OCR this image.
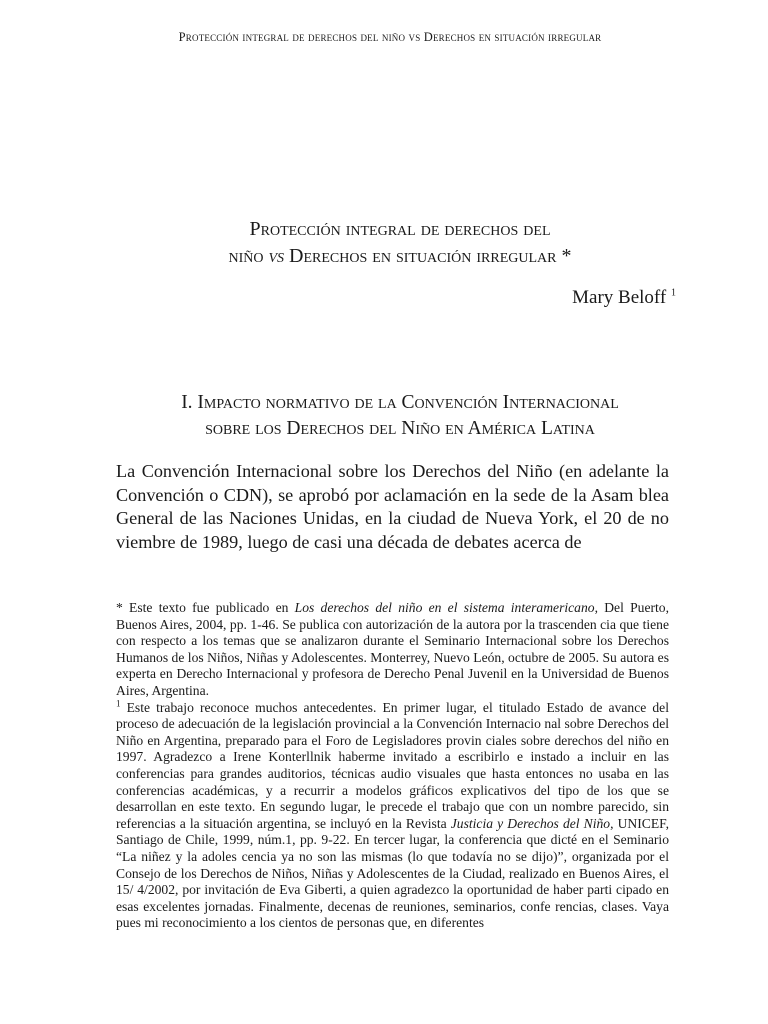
Protección integral de derechos del niño vs Derechos en situación irregular
Protección integral de derechos del
niño vs Derechos en situación irregular *
Mary Beloff $^1$
I. Impacto normativo de la Convención Internacional
sobre los Derechos del Niño en América Latina

La Convención Internacional sobre los Derechos del Niño (en adelante la Convención o CDN), se aprobó por aclamación en la sede de la Asam blea General de las Naciones Unidas, en la ciudad de Nueva York, el 20 de no viembre de 1989, luego de casi una década de debates acerca de

* Este texto fue publicado en Los derechos del niño en el sistema interamericano, Del Puerto, Buenos Aires, 2004, pp. 1-46. Se publica con autorización de la autora por la trascenden cia que tiene con respecto a los temas que se analizaron durante el Seminario Internacional sobre los Derechos Humanos de los Niños, Niñas y Adolescentes. Monterrey, Nuevo León, octubre de 2005. Su autora es experta en Derecho Internacional y profesora de Derecho Penal Juvenil en la Universidad de Buenos Aires, Argentina.

$^1$ Este trabajo reconoce muchos antecedentes. En primer lugar, el titulado Estado de avance del proceso de adecuación de la legislación provincial a la Convención Internacio nal sobre Derechos del Niño en Argentina, preparado para el Foro de Legisladores provin ciales sobre derechos del niño en 1997. Agradezco a Irene Konterllnik haberme invitado a escribirlo e instado a incluir en las conferencias para grandes auditorios, técnicas audio visuales que hasta entonces no usaba en las conferencias académicas, y a recurrir a modelos gráficos explicativos del tipo de los que se desarrollan en este texto. En segundo lugar, le precede el trabajo que con un nombre parecido, sin referencias a la situación argentina, se incluyó en la Revista Justicia y Derechos del Niño, UNICEF, Santiago de Chile, 1999, núm.1, pp. 9-22. En tercer lugar, la conferencia que dicté en el Seminario “La niñez y la adoles cencia ya no son las mismas (lo que todavía no se dijo)”, organizada por el Consejo de los Derechos de Niños, Niñas y Adolescentes de la Ciudad, realizado en Buenos Aires, el 15/ 4/2002, por invitación de Eva Giberti, a quien agradezco la oportunidad de haber parti cipado en esas excelentes jornadas. Finalmente, decenas de reuniones, seminarios, confe rencias, clases. Vaya pues mi reconocimiento a los cientos de personas que, en diferentes
